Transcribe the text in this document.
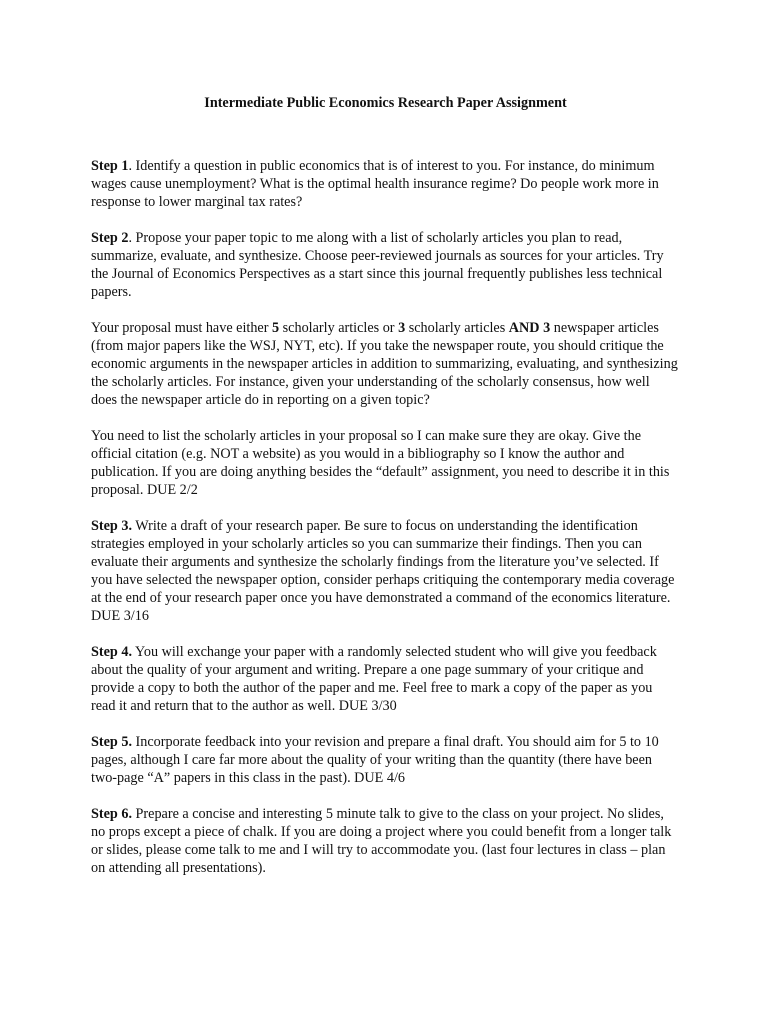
Intermediate Public Economics Research Paper Assignment

Step 1. Identify a question in public economics that is of interest to you. For instance, do minimum wages cause unemployment? What is the optimal health insurance regime? Do people work more in response to lower marginal tax rates?

Step 2. Propose your paper topic to me along with a list of scholarly articles you plan to read, summarize, evaluate, and synthesize. Choose peer-reviewed journals as sources for your articles. Try the Journal of Economics Perspectives as a start since this journal frequently publishes less technical papers.

Your proposal must have either 5 scholarly articles or 3 scholarly articles AND 3 newspaper articles (from major papers like the WSJ, NYT, etc). If you take the newspaper route, you should critique the economic arguments in the newspaper articles in addition to summarizing, evaluating, and synthesizing the scholarly articles. For instance, given your understanding of the scholarly consensus, how well does the newspaper article do in reporting on a given topic?

You need to list the scholarly articles in your proposal so I can make sure they are okay. Give the official citation (e.g. NOT a website) as you would in a bibliography so I know the author and publication. If you are doing anything besides the “default” assignment, you need to describe it in this proposal. DUE 2/2

Step 3. Write a draft of your research paper. Be sure to focus on understanding the identification strategies employed in your scholarly articles so you can summarize their findings. Then you can evaluate their arguments and synthesize the scholarly findings from the literature you’ve selected. If you have selected the newspaper option, consider perhaps critiquing the contemporary media coverage at the end of your research paper once you have demonstrated a command of the economics literature. DUE 3/16

Step 4. You will exchange your paper with a randomly selected student who will give you feedback about the quality of your argument and writing. Prepare a one page summary of your critique and provide a copy to both the author of the paper and me. Feel free to mark a copy of the paper as you read it and return that to the author as well. DUE 3/30

Step 5. Incorporate feedback into your revision and prepare a final draft. You should aim for 5 to 10 pages, although I care far more about the quality of your writing than the quantity (there have been two-page “A” papers in this class in the past). DUE 4/6

Step 6. Prepare a concise and interesting 5 minute talk to give to the class on your project. No slides, no props except a piece of chalk. If you are doing a project where you could benefit from a longer talk or slides, please come talk to me and I will try to accommodate you. (last four lectures in class – plan on attending all presentations).
